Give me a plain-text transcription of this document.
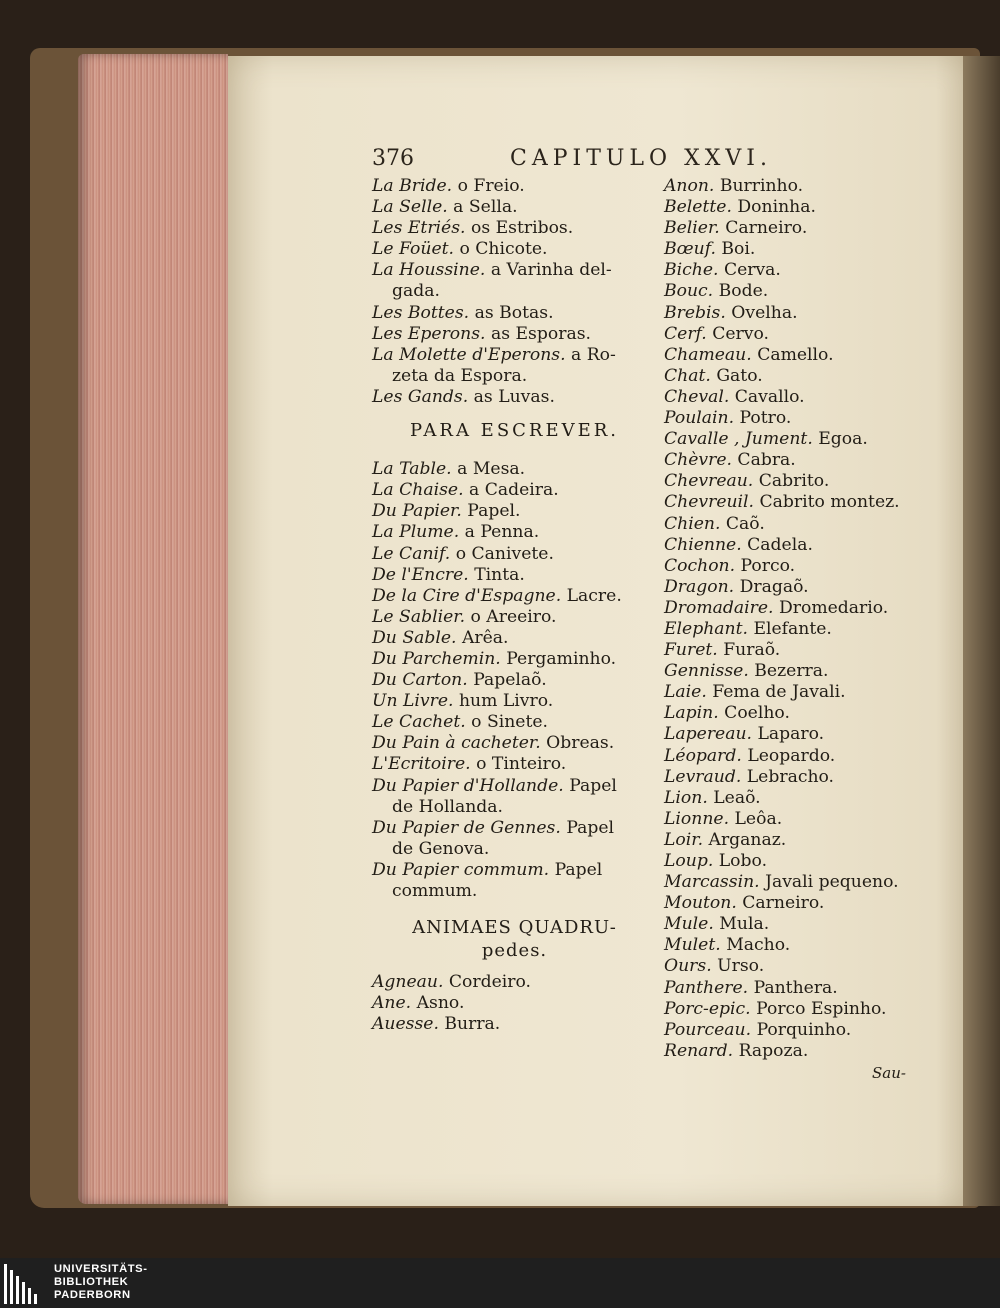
376	CAPITULO XXVI.
La Bride. o Freio.
La Selle. a Sella.
Les Etriés. os Estribos.
Le Foüet. o Chicote.
La Houssine. a Varinha del-
gada.
Les Bottes. as Botas.
Les Eperons. as Esporas.
La Molette d'Eperons. a Ro-
zeta da Espora.
Les Gands. as Luvas.
PARA ESCREVER.
La Table. a Mesa.
La Chaise. a Cadeira.
Du Papier. Papel.
La Plume. a Penna.
Le Canif. o Canivete.
De l'Encre. Tinta.
De la Cire d'Espagne. Lacre.
Le Sablier. o Areeiro.
Du Sable. Arêa.
Du Parchemin. Pergaminho.
Du Carton. Papelaõ.
Un Livre. hum Livro.
Le Cachet. o Sinete.
Du Pain à cacheter. Obreas.
L'Ecritoire. o Tinteiro.
Du Papier d'Hollande. Papel
de Hollanda.
Du Papier de Gennes. Papel
de Genova.
Du Papier commum. Papel
commum.
ANIMAES QUADRU-
pedes.
Agneau. Cordeiro.
Ane. Asno.
Auesse. Burra.
Anon. Burrinho.
Belette. Doninha.
Belier. Carneiro.
Bœuf. Boi.
Biche. Cerva.
Bouc. Bode.
Brebis. Ovelha.
Cerf. Cervo.
Chameau. Camello.
Chat. Gato.
Cheval. Cavallo.
Poulain. Potro.
Cavalle , Jument. Egoa.
Chèvre. Cabra.
Chevreau. Cabrito.
Chevreuil. Cabrito montez.
Chien. Caõ.
Chienne. Cadela.
Cochon. Porco.
Dragon. Dragaõ.
Dromadaire. Dromedario.
Elephant. Elefante.
Furet. Furaõ.
Gennisse. Bezerra.
Laie. Fema de Javali.
Lapin. Coelho.
Lapereau. Laparo.
Léopard. Leopardo.
Levraud. Lebracho.
Lion. Leaõ.
Lionne. Leôa.
Loir. Arganaz.
Loup. Lobo.
Marcassin. Javali pequeno.
Mouton. Carneiro.
Mule. Mula.
Mulet. Macho.
Ours. Urso.
Panthere. Panthera.
Porc-epic. Porco Espinho.
Pourceau. Porquinho.
Renard. Rapoza.
Sau-
UNIVERSITÄTS-
BIBLIOTHEK
PADERBORN
